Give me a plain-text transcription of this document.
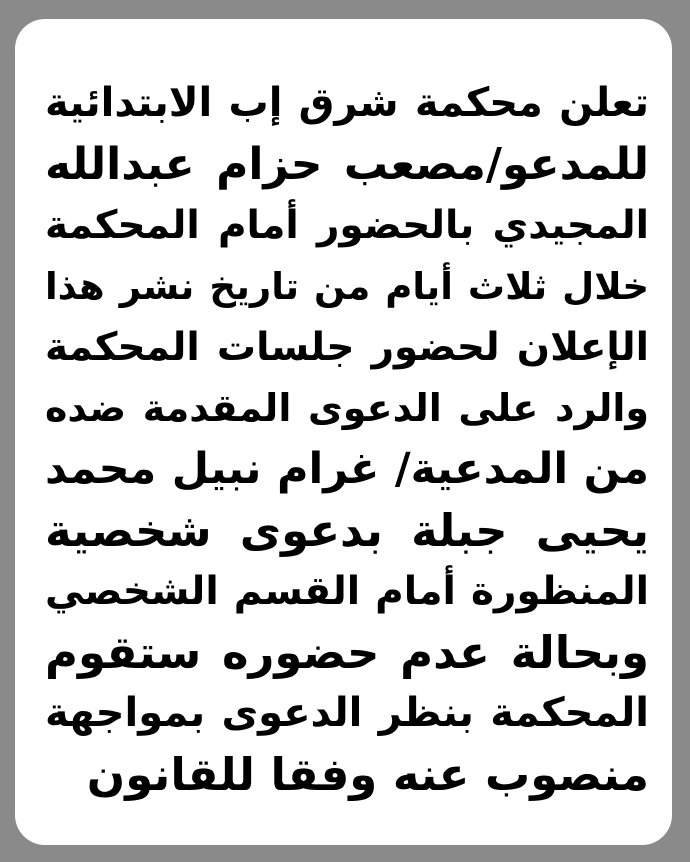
تعلن محكمة شرق إب الابتدائية
للمدعو/مصعب حزام عبدالله
المجيدي بالحضور أمام المحكمة
خلال ثلاث أيام من تاريخ نشر هذا
الإعلان لحضور جلسات المحكمة
والرد على الدعوى المقدمة ضده
من المدعية/ غرام نبيل محمد
يحيى جبلة بدعوى شخصية
المنظورة أمام القسم الشخصي
وبحالة عدم حضوره ستقوم
المحكمة بنظر الدعوى بمواجهة
منصوب عنه وفقا للقانون
